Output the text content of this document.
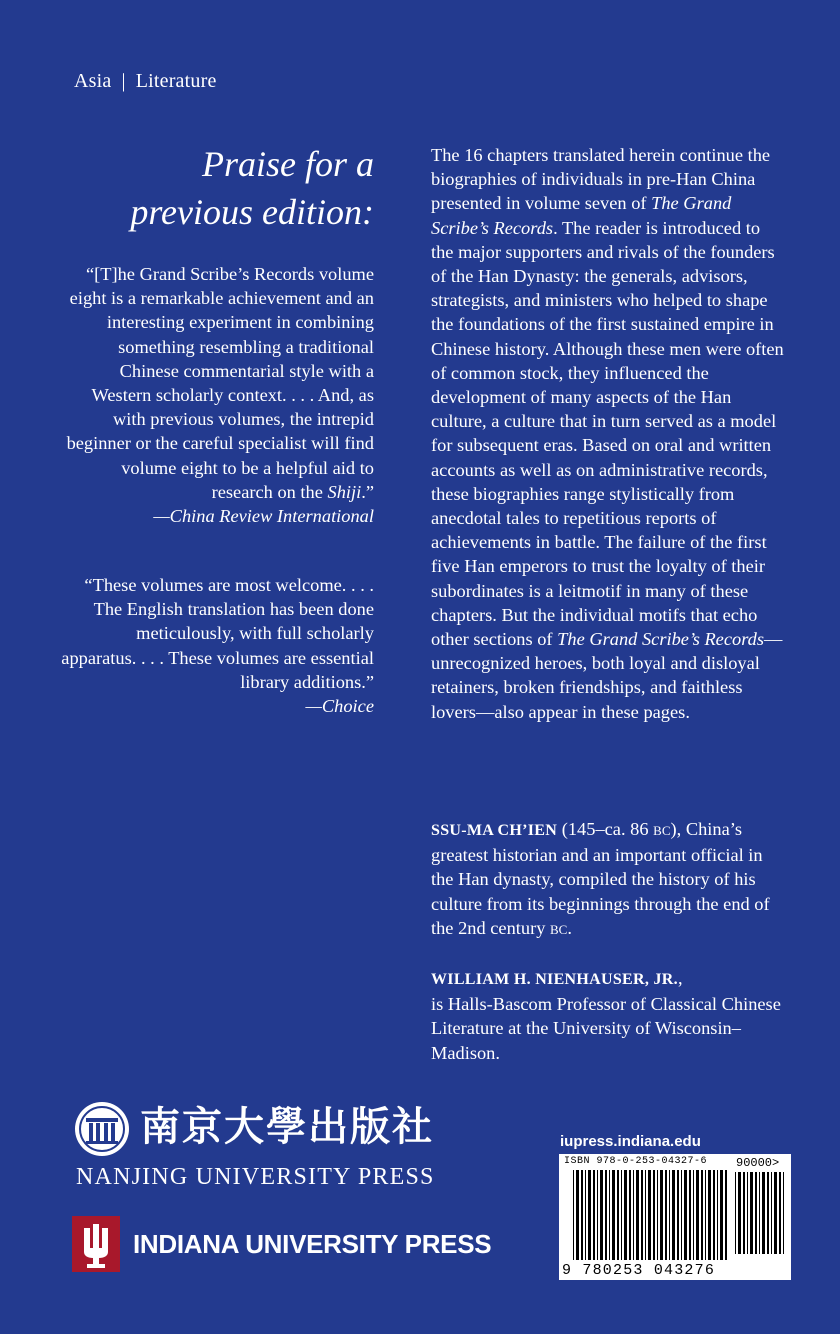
Asia | Literature
Praise for a
previous edition:
“[T]he Grand Scribe’s Records volume eight is a remarkable achievement and an interesting experiment in combining something resembling a traditional Chinese commentarial style with a Western scholarly context. . . . And, as with previous volumes, the intrepid beginner or the careful specialist will find volume eight to be a helpful aid to research on the Shiji.”
—China Review International
“These volumes are most welcome. . . . The English translation has been done meticulously, with full scholarly apparatus. . . . These volumes are essential library additions.”
—Choice
The 16 chapters translated herein continue the biographies of individuals in pre-Han China presented in volume seven of The Grand Scribe’s Records. The reader is introduced to the major supporters and rivals of the founders of the Han Dynasty: the generals, advisors, strategists, and ministers who helped to shape the foundations of the first sustained empire in Chinese history. Although these men were often of common stock, they influenced the development of many aspects of the Han culture, a culture that in turn served as a model for subsequent eras. Based on oral and written accounts as well as on administrative records, these biographies range stylistically from anecdotal tales to repetitious reports of achievements in battle. The failure of the first five Han emperors to trust the loyalty of their subordinates is a leitmotif in many of these chapters. But the individual motifs that echo other sections of The Grand Scribe’s Records—unrecognized heroes, both loyal and disloyal retainers, broken friendships, and faithless lovers—also appear in these pages.
SSU-MA CH’IEN (145–ca. 86 bc), China’s greatest historian and an important official in the Han dynasty, compiled the history of his culture from its beginnings through the end of the 2nd century bc.
WILLIAM H. NIENHAUSER, JR.,
is Halls-Bascom Professor of Classical Chinese Literature at the University of Wisconsin–Madison.
南京大學出版社
NANJING UNIVERSITY PRESS
INDIANA UNIVERSITY PRESS
iupress.indiana.edu
ISBN 978-0-253-04327-6 90000>
9 780253 043276
